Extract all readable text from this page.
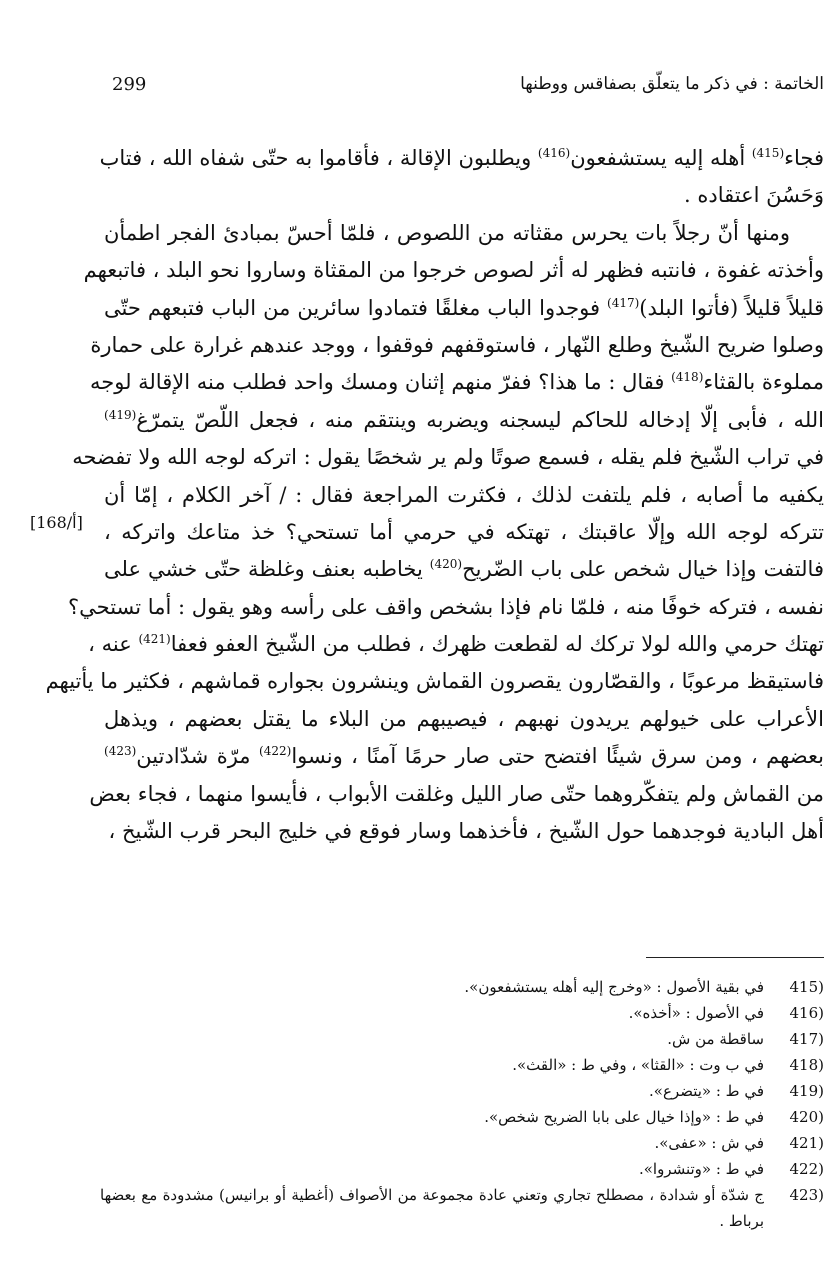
299	الخاتمة : في ذكر ما يتعلّق بصفاقس ووطنها
فجاء$^{(415)}$ أهله إليه يستشفعون$^{(416)}$ ويطلبون الإقالة ، فأقاموا به حتّى شفاه الله ، فتاب
وَحَسُنَ اعتقاده .
ومنها أنّ رجلاً بات يحرس مقثاته من اللصوص ، فلمّا أحسّ بمبادئ الفجر اطمأن
وأخذته غفوة ، فانتبه فظهر له أثر لصوص خرجوا من المقثاة وساروا نحو البلد ، فاتبعهم
قليلاً قليلاً (فأتوا البلد)$^{(417)}$ فوجدوا الباب مغلقًا فتمادوا سائرين من الباب فتبعهم حتّى
وصلوا ضريح الشّيخ وطلع النّهار ، فاستوقفهم فوقفوا ، ووجد عندهم غرارة على حمارة
مملوءة بالقثاء$^{(418)}$ فقال : ما هذا؟ ففرّ منهم إثنان ومسك واحد فطلب منه الإقالة لوجه
الله ، فأبى إلّا إدخاله للحاكم ليسجنه ويضربه وينتقم منه ، فجعل اللّصّ يتمرّغ$^{(419)}$
في تراب الشّيخ فلم يقله ، فسمع صوتًا ولم ير شخصًا يقول : اتركه لوجه الله ولا تفضحه
يكفيه ما أصابه ، فلم يلتفت لذلك ، فكثرت المراجعة فقال : / آخر الكلام ، إمّا أن
تتركه لوجه الله وإلّا عاقبتك ، تهتكه في حرمي أما تستحي؟ خذ متاعك واتركه ،
فالتفت وإذا خيال شخص على باب الضّريح$^{(420)}$ يخاطبه بعنف وغلظة حتّى خشي على
نفسه ، فتركه خوفًا منه ، فلمّا نام فإذا بشخص واقف على رأسه وهو يقول : أما تستحي؟
تهتك حرمي والله لولا تركك له لقطعت ظهرك ، فطلب من الشّيخ العفو فعفا$^{(421)}$ عنه ،
فاستيقظ مرعوبًا ، والقصّارون يقصرون القماش وينشرون بجواره قماشهم ، فكثير ما يأتيهم
الأعراب على خيولهم يريدون نهبهم ، فيصيبهم من البلاء ما يقتل بعضهم ، ويذهل
بعضهم ، ومن سرق شيئًا افتضح حتى صار حرمًا آمنًا ، ونسوا$^{(422)}$ مرّة شدّادتين$^{(423)}$
من القماش ولم يتفكّروهما حتّى صار الليل وغلقت الأبواب ، فأيسوا منهما ، فجاء بعض
أهل البادية فوجدهما حول الشّيخ ، فأخذهما وسار فوقع في خليج البحر قرب الشّيخ ،
[168/أ]
415)
في بقية الأصول : «وخرج إليه أهله يستشفعون».
416)
في الأصول : «أخذه».
417)
ساقطة من ش.
418)
في ب وت : «القثا» ، وفي ط : «القث».
419)
في ط : «يتضرع».
420)
في ط : «وإذا خيال على بابا الضريح شخص».
421)
في ش : «عفى».
422)
في ط : «وتنشروا».
423)
ج شدّة أو شدادة ، مصطلح تجاري وتعني عادة مجموعة من الأصواف (أغطية أو برانيس) مشدودة مع بعضها برباط .
